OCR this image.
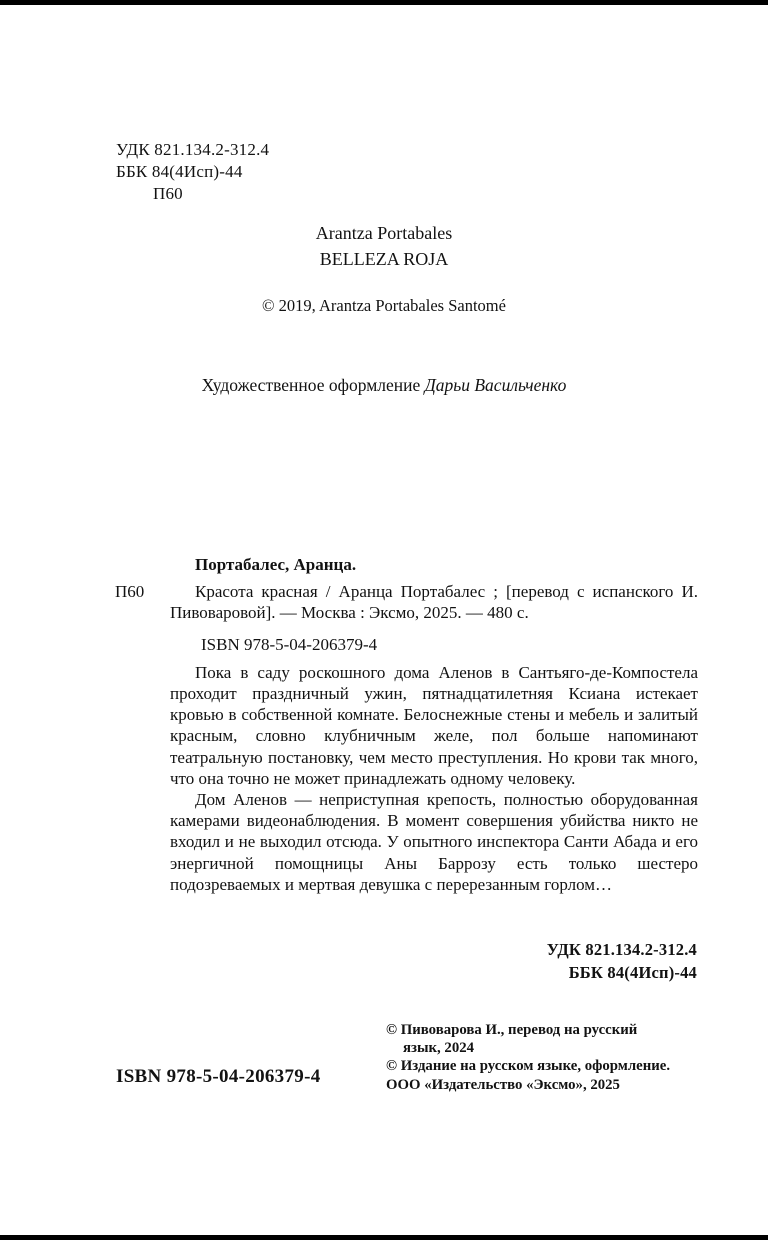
УДК 821.134.2-312.4
ББК 84(4Исп)-44
П60
Arantza Portabales
BELLEZA ROJA
© 2019, Arantza Portabales Santomé
Художественное оформление Дарьи Васильченко
Портабалес, Аранца.
П60	Красота красная / Аранца Портабалес ; [перевод с испанского И. Пивоваровой]. — Москва : Эксмо, 2025. — 480 с.
ISBN 978-5-04-206379-4
Пока в саду роскошного дома Аленов в Сантьяго-де-Компостела проходит праздничный ужин, пятнадцатилетняя Ксиана истекает кровью в собственной комнате. Белоснежные стены и мебель и залитый красным, словно клубничным желе, пол больше напоминают театральную постановку, чем место преступления. Но крови так много, что она точно не может принадлежать одному человеку.
Дом Аленов — неприступная крепость, полностью оборудованная камерами видеонаблюдения. В момент совершения убийства никто не входил и не выходил отсюда. У опытного инспектора Санти Абада и его энергичной помощницы Аны Баррозу есть только шестеро подозреваемых и мертвая девушка с перерезанным горлом…
УДК 821.134.2-312.4
ББК 84(4Исп)-44
© Пивоварова И., перевод на русский
язык, 2024
© Издание на русском языке, оформление.
ООО «Издательство «Эксмо», 2025
ISBN 978-5-04-206379-4
